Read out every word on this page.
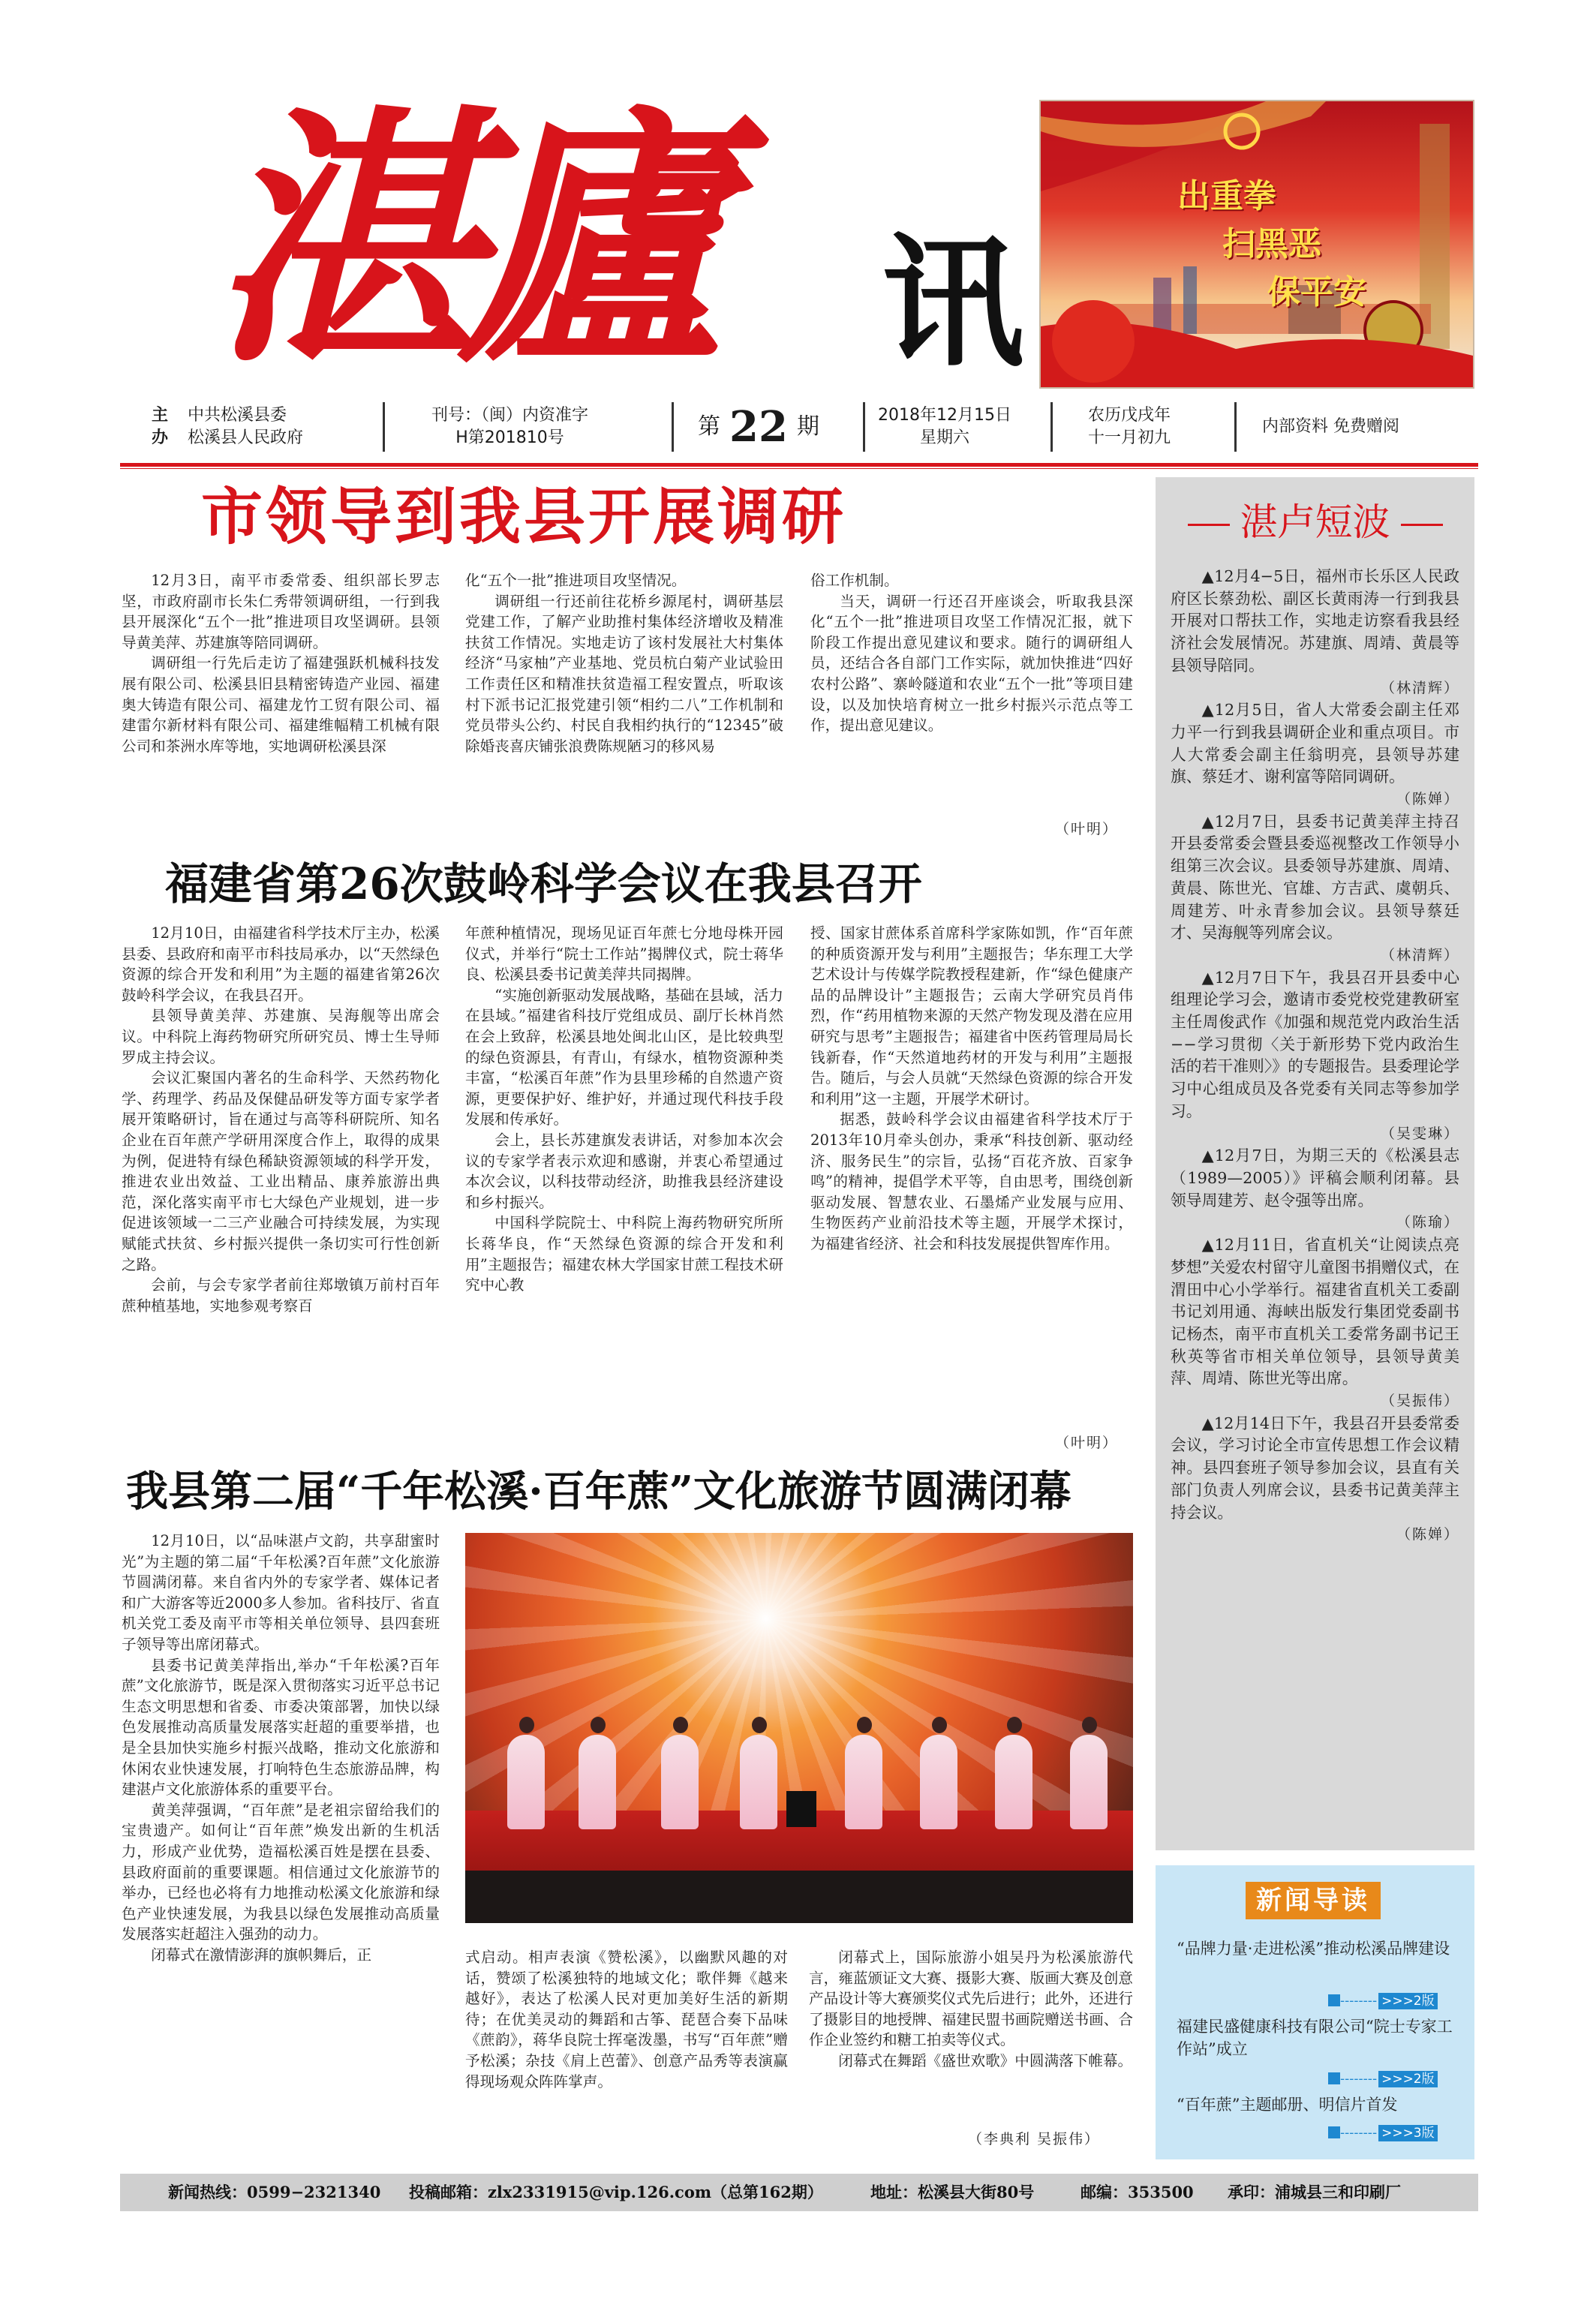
湛廬 讯
出重拳
扫黑恶
保平安
主
办
中共松溪县委
松溪县人民政府
刊号：（闽）内资准字
H第201810号	第 22 期	2018年12月15日
星期六
农历戊戌年
十一月初九
内部资料 免费赠阅
市领导到我县开展调研

12月3日，南平市委常委、组织部长罗志坚，市政府副市长朱仁秀带领调研组，一行到我县开展深化“五个一批”推进项目攻坚调研。县领导黄美萍、苏建旗等陪同调研。

调研组一行先后走访了福建强跃机械科技发展有限公司、松溪县旧县精密铸造产业园、福建奥大铸造有限公司、福建龙竹工贸有限公司、福建雷尔新材料有限公司、福建维幅精工机械有限公司和茶洲水库等地，实地调研松溪县深

化“五个一批”推进项目攻坚情况。

调研组一行还前往花桥乡源尾村，调研基层党建工作，了解产业助推村集体经济增收及精准扶贫工作情况。实地走访了该村发展社大村集体经济“马家柚”产业基地、党员杭白菊产业试验田工作责任区和精准扶贫造福工程安置点，听取该村下派书记汇报党建引领“相约二八”工作机制和党员带头公约、村民自我相约执行的“12345”破除婚丧喜庆铺张浪费陈规陋习的移风易

俗工作机制。

当天，调研一行还召开座谈会，听取我县深化“五个一批”推进项目攻坚工作情况汇报，就下阶段工作提出意见建议和要求。随行的调研组人员，还结合各自部门工作实际，就加快推进“四好农村公路”、寨岭隧道和农业“五个一批”等项目建设，以及加快培育树立一批乡村振兴示范点等工作，提出意见建议。

（叶明）
福建省第26次鼓岭科学会议在我县召开

12月10日，由福建省科学技术厅主办，松溪县委、县政府和南平市科技局承办，以“天然绿色资源的综合开发和利用”为主题的福建省第26次鼓岭科学会议，在我县召开。

县领导黄美萍、苏建旗、吴海舰等出席会议。中科院上海药物研究所研究员、博士生导师罗成主持会议。

会议汇聚国内著名的生命科学、天然药物化学、药理学、药品及保健品研发等方面专家学者展开策略研讨，旨在通过与高等科研院所、知名企业在百年蔗产学研用深度合作上，取得的成果为例，促进特有绿色稀缺资源领域的科学开发，推进农业出效益、工业出精品、康养旅游出典范，深化落实南平市七大绿色产业规划，进一步促进该领域一二三产业融合可持续发展，为实现赋能式扶贫、乡村振兴提供一条切实可行性创新之路。

会前，与会专家学者前往郑墩镇万前村百年蔗种植基地，实地参观考察百

年蔗种植情况，现场见证百年蔗七分地母株开园仪式，并举行“院士工作站”揭牌仪式，院士蒋华良、松溪县委书记黄美萍共同揭牌。

“实施创新驱动发展战略，基础在县域，活力在县域。”福建省科技厅党组成员、副厅长林肖然在会上致辞，松溪县地处闽北山区，是比较典型的绿色资源县，有青山，有绿水，植物资源种类丰富，“松溪百年蔗”作为县里珍稀的自然遗产资源，更要保护好、维护好，并通过现代科技手段发展和传承好。

会上，县长苏建旗发表讲话，对参加本次会议的专家学者表示欢迎和感谢，并衷心希望通过本次会议，以科技带动经济，助推我县经济建设和乡村振兴。

中国科学院院士、中科院上海药物研究所所长蒋华良，作“天然绿色资源的综合开发和利用”主题报告；福建农林大学国家甘蔗工程技术研究中心教

授、国家甘蔗体系首席科学家陈如凯，作“百年蔗的种质资源开发与利用”主题报告；华东理工大学艺术设计与传媒学院教授程建新，作“绿色健康产品的品牌设计”主题报告；云南大学研究员肖伟烈，作“药用植物来源的天然产物发现及潜在应用研究与思考”主题报告；福建省中医药管理局局长钱新春，作“天然道地药材的开发与利用”主题报告。随后，与会人员就“天然绿色资源的综合开发和利用”这一主题，开展学术研讨。

据悉，鼓岭科学会议由福建省科学技术厅于2013年10月牵头创办，秉承“科技创新、驱动经济、服务民生”的宗旨，弘扬“百花齐放、百家争鸣”的精神，提倡学术平等，自由思考，围绕创新驱动发展、智慧农业、石墨烯产业发展与应用、生物医药产业前沿技术等主题，开展学术探讨，为福建省经济、社会和科技发展提供智库作用。

（叶明）
我县第二届“千年松溪·百年蔗”文化旅游节圆满闭幕

12月10日，以“品味湛卢文韵，共享甜蜜时光”为主题的第二届“千年松溪?百年蔗”文化旅游节圆满闭幕。来自省内外的专家学者、媒体记者和广大游客等近2000多人参加。省科技厅、省直机关党工委及南平市等相关单位领导、县四套班子领导等出席闭幕式。

县委书记黄美萍指出,举办“千年松溪?百年蔗”文化旅游节，既是深入贯彻落实习近平总书记生态文明思想和省委、市委决策部署，加快以绿色发展推动高质量发展落实赶超的重要举措，也是全县加快实施乡村振兴战略，推动文化旅游和休闲农业快速发展，打响特色生态旅游品牌，构建湛卢文化旅游体系的重要平台。

黄美萍强调，“百年蔗”是老祖宗留给我们的宝贵遗产。如何让“百年蔗”焕发出新的生机活力，形成产业优势，造福松溪百姓是摆在县委、县政府面前的重要课题。相信通过文化旅游节的举办，已经也必将有力地推动松溪文化旅游和绿色产业快速发展，为我县以绿色发展推动高质量发展落实赶超注入强劲的动力。

闭幕式在激情澎湃的旗帜舞后，正	式启动。相声表演《赞松溪》，以幽默风趣的对话，赞颂了松溪独特的地域文化；歌伴舞《越来越好》，表达了松溪人民对更加美好生活的新期待；在优美灵动的舞蹈和古筝、琵琶合奏下品味《蔗韵》，蒋华良院士挥毫泼墨，书写“百年蔗”赠予松溪；杂技《肩上芭蕾》、创意产品秀等表演赢得现场观众阵阵掌声。

闭幕式上，国际旅游小姐吴丹为松溪旅游代言，雍蓝颁证文大赛、摄影大赛、版画大赛及创意产品设计等大赛颁奖仪式先后进行；此外，还进行了摄影目的地授牌、福建民盟书画院赠送书画、合作企业签约和糖工拍卖等仪式。

闭幕式在舞蹈《盛世欢歌》中圆满落下帷幕。

（李典利 吴振伟）
湛卢短波

▲12月4−5日，福州市长乐区人民政府区长蔡劲松、副区长黄雨涛一行到我县开展对口帮扶工作，实地走访察看我县经济社会发展情况。苏建旗、周靖、黄晨等县领导陪同。
（林清辉）

▲12月5日，省人大常委会副主任邓力平一行到我县调研企业和重点项目。市人大常委会副主任翁明亮，县领导苏建旗、蔡廷才、谢利富等陪同调研。
（陈婵）

▲12月7日，县委书记黄美萍主持召开县委常委会暨县委巡视整改工作领导小组第三次会议。县委领导苏建旗、周靖、黄晨、陈世光、官雄、方吉武、虞朝兵、周建芳、叶永青参加会议。县领导蔡廷才、吴海舰等列席会议。
（林清辉）

▲12月7日下午，我县召开县委中心组理论学习会，邀请市委党校党建教研室主任周俊武作《加强和规范党内政治生活−−学习贯彻〈关于新形势下党内政治生活的若干准则〉》的专题报告。县委理论学习中心组成员及各党委有关同志等参加学习。
（吴雯琳）

▲12月7日，为期三天的《松溪县志（1989—2005）》评稿会顺利闭幕。县领导周建芳、赵令强等出席。
（陈瑜）

▲12月11日，省直机关“让阅读点亮梦想”关爱农村留守儿童图书捐赠仪式，在渭田中心小学举行。福建省直机关工委副书记刘用通、海峡出版发行集团党委副书记杨杰，南平市直机关工委常务副书记王秋英等省市相关单位领导，县领导黄美萍、周靖、陈世光等出席。
（吴振伟）

▲12月14日下午，我县召开县委常委会议，学习讨论全市宣传思想工作会议精神。县四套班子领导参加会议，县直有关部门负责人列席会议，县委书记黄美萍主持会议。
（陈婵）

新闻导读
“品牌力量·走进松溪”推动松溪品牌建设
-------- >>>2版
福建民盛健康科技有限公司“院士专家工作站”成立
-------- >>>2版
“百年蔗”主题邮册、明信片首发
-------- >>>3版
新闻热线：0599−2321340 投稿邮箱：zlx2331915@vip.126.com（总第162期）	地址：松溪县大街80号	邮编：353500 承印：浦城县三和印刷厂
